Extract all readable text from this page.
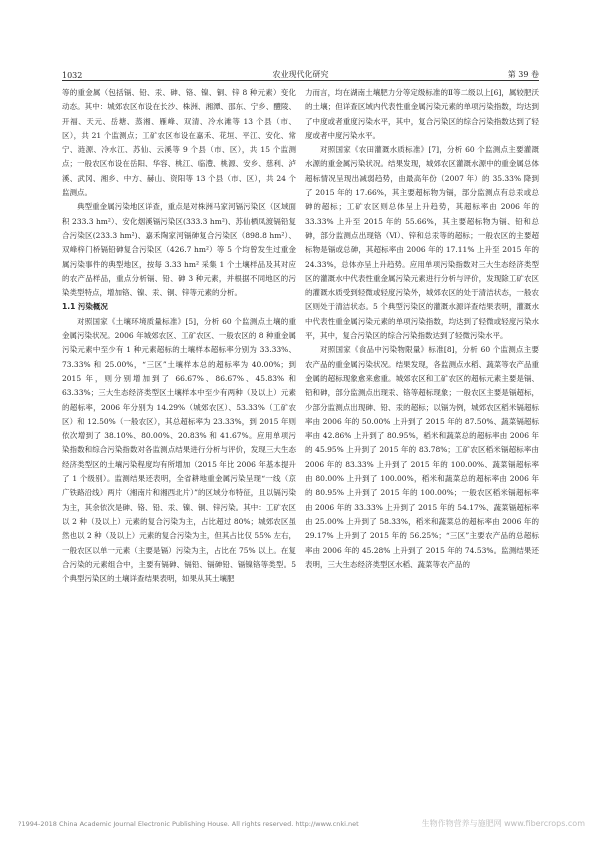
1032	农业现代化研究	第 39 卷

等的重金属（包括镉、铅、汞、砷、铬、镍、铜、锌 8 种元素）变化动态。其中：城郊农区布设在长沙、株洲、湘潭、邵东、宁乡、醴陵、开福、天元、岳塘、蒸湘、雁峰、双清、冷水滩等 13 个县（市、区），共 21 个监测点；工矿农区布设在嘉禾、花垣、平江、安化、常宁、涟源、冷水江、苏仙、云溪等 9 个县（市、区），共 15 个监测点；一般农区布设在岳阳、华容、桃江、临澧、桃源、安乡、慈利、泸溪、武冈、湘乡、中方、赫山、资阳等 13 个县（市、区），共 24 个监测点。

典型重金属污染地区详查，重点是对株洲马家河镉污染区（区域面积 233.3 hm²）、安化烟溪镉污染区(333.3 hm²)、苏仙栖凤渡镉铅复合污染区(233.3 hm²)、嘉禾陶家河镉砷复合污染区（898.8 hm²）、双峰梓门桥镉铅砷复合污染区（426.7 hm²）等 5 个均曾发生过重金属污染事件的典型地区，按每 3.33 hm² 采集 1 个土壤样品及其对应的农产品样品，重点分析镉、铅、砷 3 种元素，并根据不同地区的污染类型特点，增加铬、镍、汞、铜、锌等元素的分析。

1.1 污染概况

对照国家《土壤环境质量标准》[5]，分析 60 个监测点土壤的重金属污染状况。2006 年城郊农区、工矿农区、一般农区的 8 种重金属污染元素中至少有 1 种元素超标的土壤样本超标率分别为 33.33%、73.33% 和 25.00%，“三区”土壤样本总的超标率为 40.00%；到 2015 年，则分别增加到了 66.67%、86.67%、45.83% 和 63.33%；三大生态经济类型区土壤样本中至少有两种（及以上）元素的超标率，2006 年分别为 14.29%（城郊农区）、53.33%（工矿农区）和 12.50%（一般农区），其总超标率为 23.33%，到 2015 年则依次增到了 38.10%、80.00%、20.83% 和 41.67%。应用单项污染指数和综合污染指数对各监测点结果进行分析与评价，发现三大生态经济类型区的土壤污染程度均有所增加（2015 年比 2006 年基本提升了 1 个级别）。监测结果还表明，全省耕地重金属污染呈现“一线（京广铁路沿线）两片（湘南片和湘西北片）”的区域分布特征，且以镉污染为主，其余依次是砷、铬、铅、汞、镍、铜、锌污染。其中：工矿农区以 2 种（及以上）元素的复合污染为主，占比超过 80%；城郊农区虽然也以 2 种（及以上）元素的复合污染为主，但其占比仅 55% 左右，一般农区以单一元素（主要是镉）污染为主，占比在 75% 以上。在复合污染的元素组合中，主要有镉砷、镉铅、镉砷铅、镉镍铬等类型。5 个典型污染区的土壤详查结果表明，如果从其土壤肥

力而言，均在湖南土壤肥力分等定级标准的Ⅱ等二级以上[6]，属较肥沃的土壤；但详查区域内代表性重金属污染元素的单项污染指数，均达到了中度或者重度污染水平，其中，复合污染区的综合污染指数达到了轻度或者中度污染水平。

对照国家《农田灌溉水质标准》[7]，分析 60 个监测点主要灌溉水源的重金属污染状况。结果发现，城郊农区灌溉水源中的重金属总体超标情况呈现出减弱趋势，由最高年份（2007 年）的 35.33% 降到了 2015 年的 17.66%，其主要超标物为镉，部分监测点有总汞或总砷的超标；工矿农区则总体呈上升趋势，其超标率由 2006 年的 33.33% 上升至 2015 年的 55.66%，其主要超标物为镉、铅和总砷，部分监测点出现铬（Ⅵ）、锌和总汞等的超标；一般农区的主要超标物是镉或总砷，其超标率由 2006 年的 17.11% 上升至 2015 年的 24.33%，总体亦呈上升趋势。应用单项污染指数对三大生态经济类型区的灌溉水中代表性重金属污染元素进行分析与评价，发现除工矿农区的灌溉水质受到轻微或轻度污染外，城郊农区的处于清洁状态，一般农区则处于清洁状态。5 个典型污染区的灌溉水源详查结果表明，灌溉水中代表性重金属污染元素的单项污染指数，均达到了轻微或轻度污染水平，其中，复合污染区的综合污染指数达到了轻微污染水平。

对照国家《食品中污染物限量》标准[8]，分析 60 个监测点主要农产品的重金属污染状况。结果发现，各监测点水稻、蔬菜等农产品重金属的超标现象愈来愈重。城郊农区和工矿农区的超标元素主要是镉、铅和砷，部分监测点出现汞、铬等超标现象；一般农区主要是镉超标，少部分监测点出现砷、铅、汞的超标；以镉为例，城郊农区稻米镉超标率由 2006 年的 50.00% 上升到了 2015 年的 87.50%、蔬菜镉超标率由 42.86% 上升到了 80.95%，稻米和蔬菜总的超标率由 2006 年的 45.95% 上升到了 2015 年的 83.78%；工矿农区稻米镉超标率由 2006 年的 83.33% 上升到了 2015 年的 100.00%、蔬菜镉超标率由 80.00% 上升到了 100.00%，稻米和蔬菜总的超标率由 2006 年的 80.95% 上升到了 2015 年的 100.00%；一般农区稻米镉超标率由 2006 年的 33.33% 上升到了 2015 年的 54.17%、蔬菜镉超标率由 25.00% 上升到了 58.33%，稻米和蔬菜总的超标率由 2006 年的 29.17% 上升到了 2015 年的 56.25%；“三区”主要农产品的总超标率由 2006 年的 45.28% 上升到了 2015 年的 74.53%。监测结果还表明，三大生态经济类型区水稻、蔬菜等农产品的

?1994-2018 China Academic Journal Electronic Publishing House. All rights reserved. http://www.cnki.net	生物作物营养与施肥网 www.fibercrops.com
